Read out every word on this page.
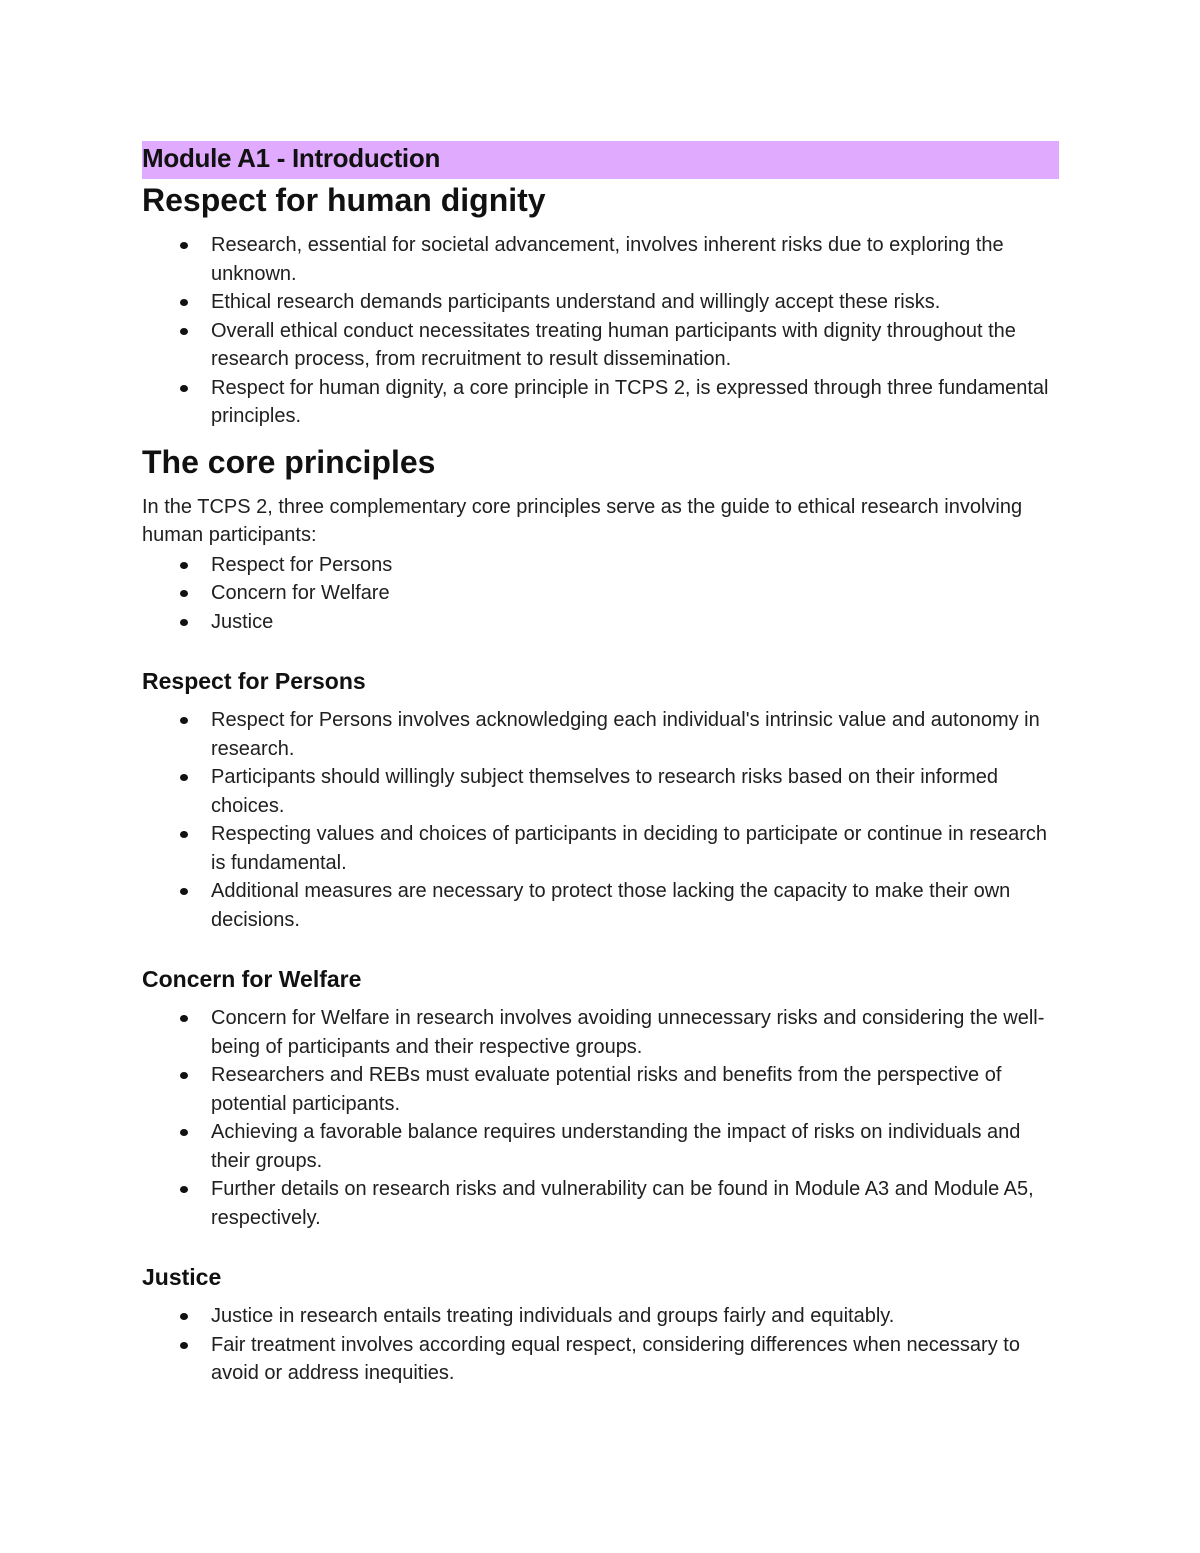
Module A1 - Introduction
Respect for human dignity
Research, essential for societal advancement, involves inherent risks due to exploring the unknown.
Ethical research demands participants understand and willingly accept these risks.
Overall ethical conduct necessitates treating human participants with dignity throughout the research process, from recruitment to result dissemination.
Respect for human dignity, a core principle in TCPS 2, is expressed through three fundamental principles.
The core principles

In the TCPS 2, three complementary core principles serve as the guide to ethical research involving human participants:

Respect for Persons
Concern for Welfare
Justice
Respect for Persons
Respect for Persons involves acknowledging each individual's intrinsic value and autonomy in research.
Participants should willingly subject themselves to research risks based on their informed choices.
Respecting values and choices of participants in deciding to participate or continue in research is fundamental.
Additional measures are necessary to protect those lacking the capacity to make their own decisions.
Concern for Welfare
Concern for Welfare in research involves avoiding unnecessary risks and considering the well-being of participants and their respective groups.
Researchers and REBs must evaluate potential risks and benefits from the perspective of potential participants.
Achieving a favorable balance requires understanding the impact of risks on individuals and their groups.
Further details on research risks and vulnerability can be found in Module A3 and Module A5, respectively.
Justice
Justice in research entails treating individuals and groups fairly and equitably.
Fair treatment involves according equal respect, considering differences when necessary to avoid or address inequities.
